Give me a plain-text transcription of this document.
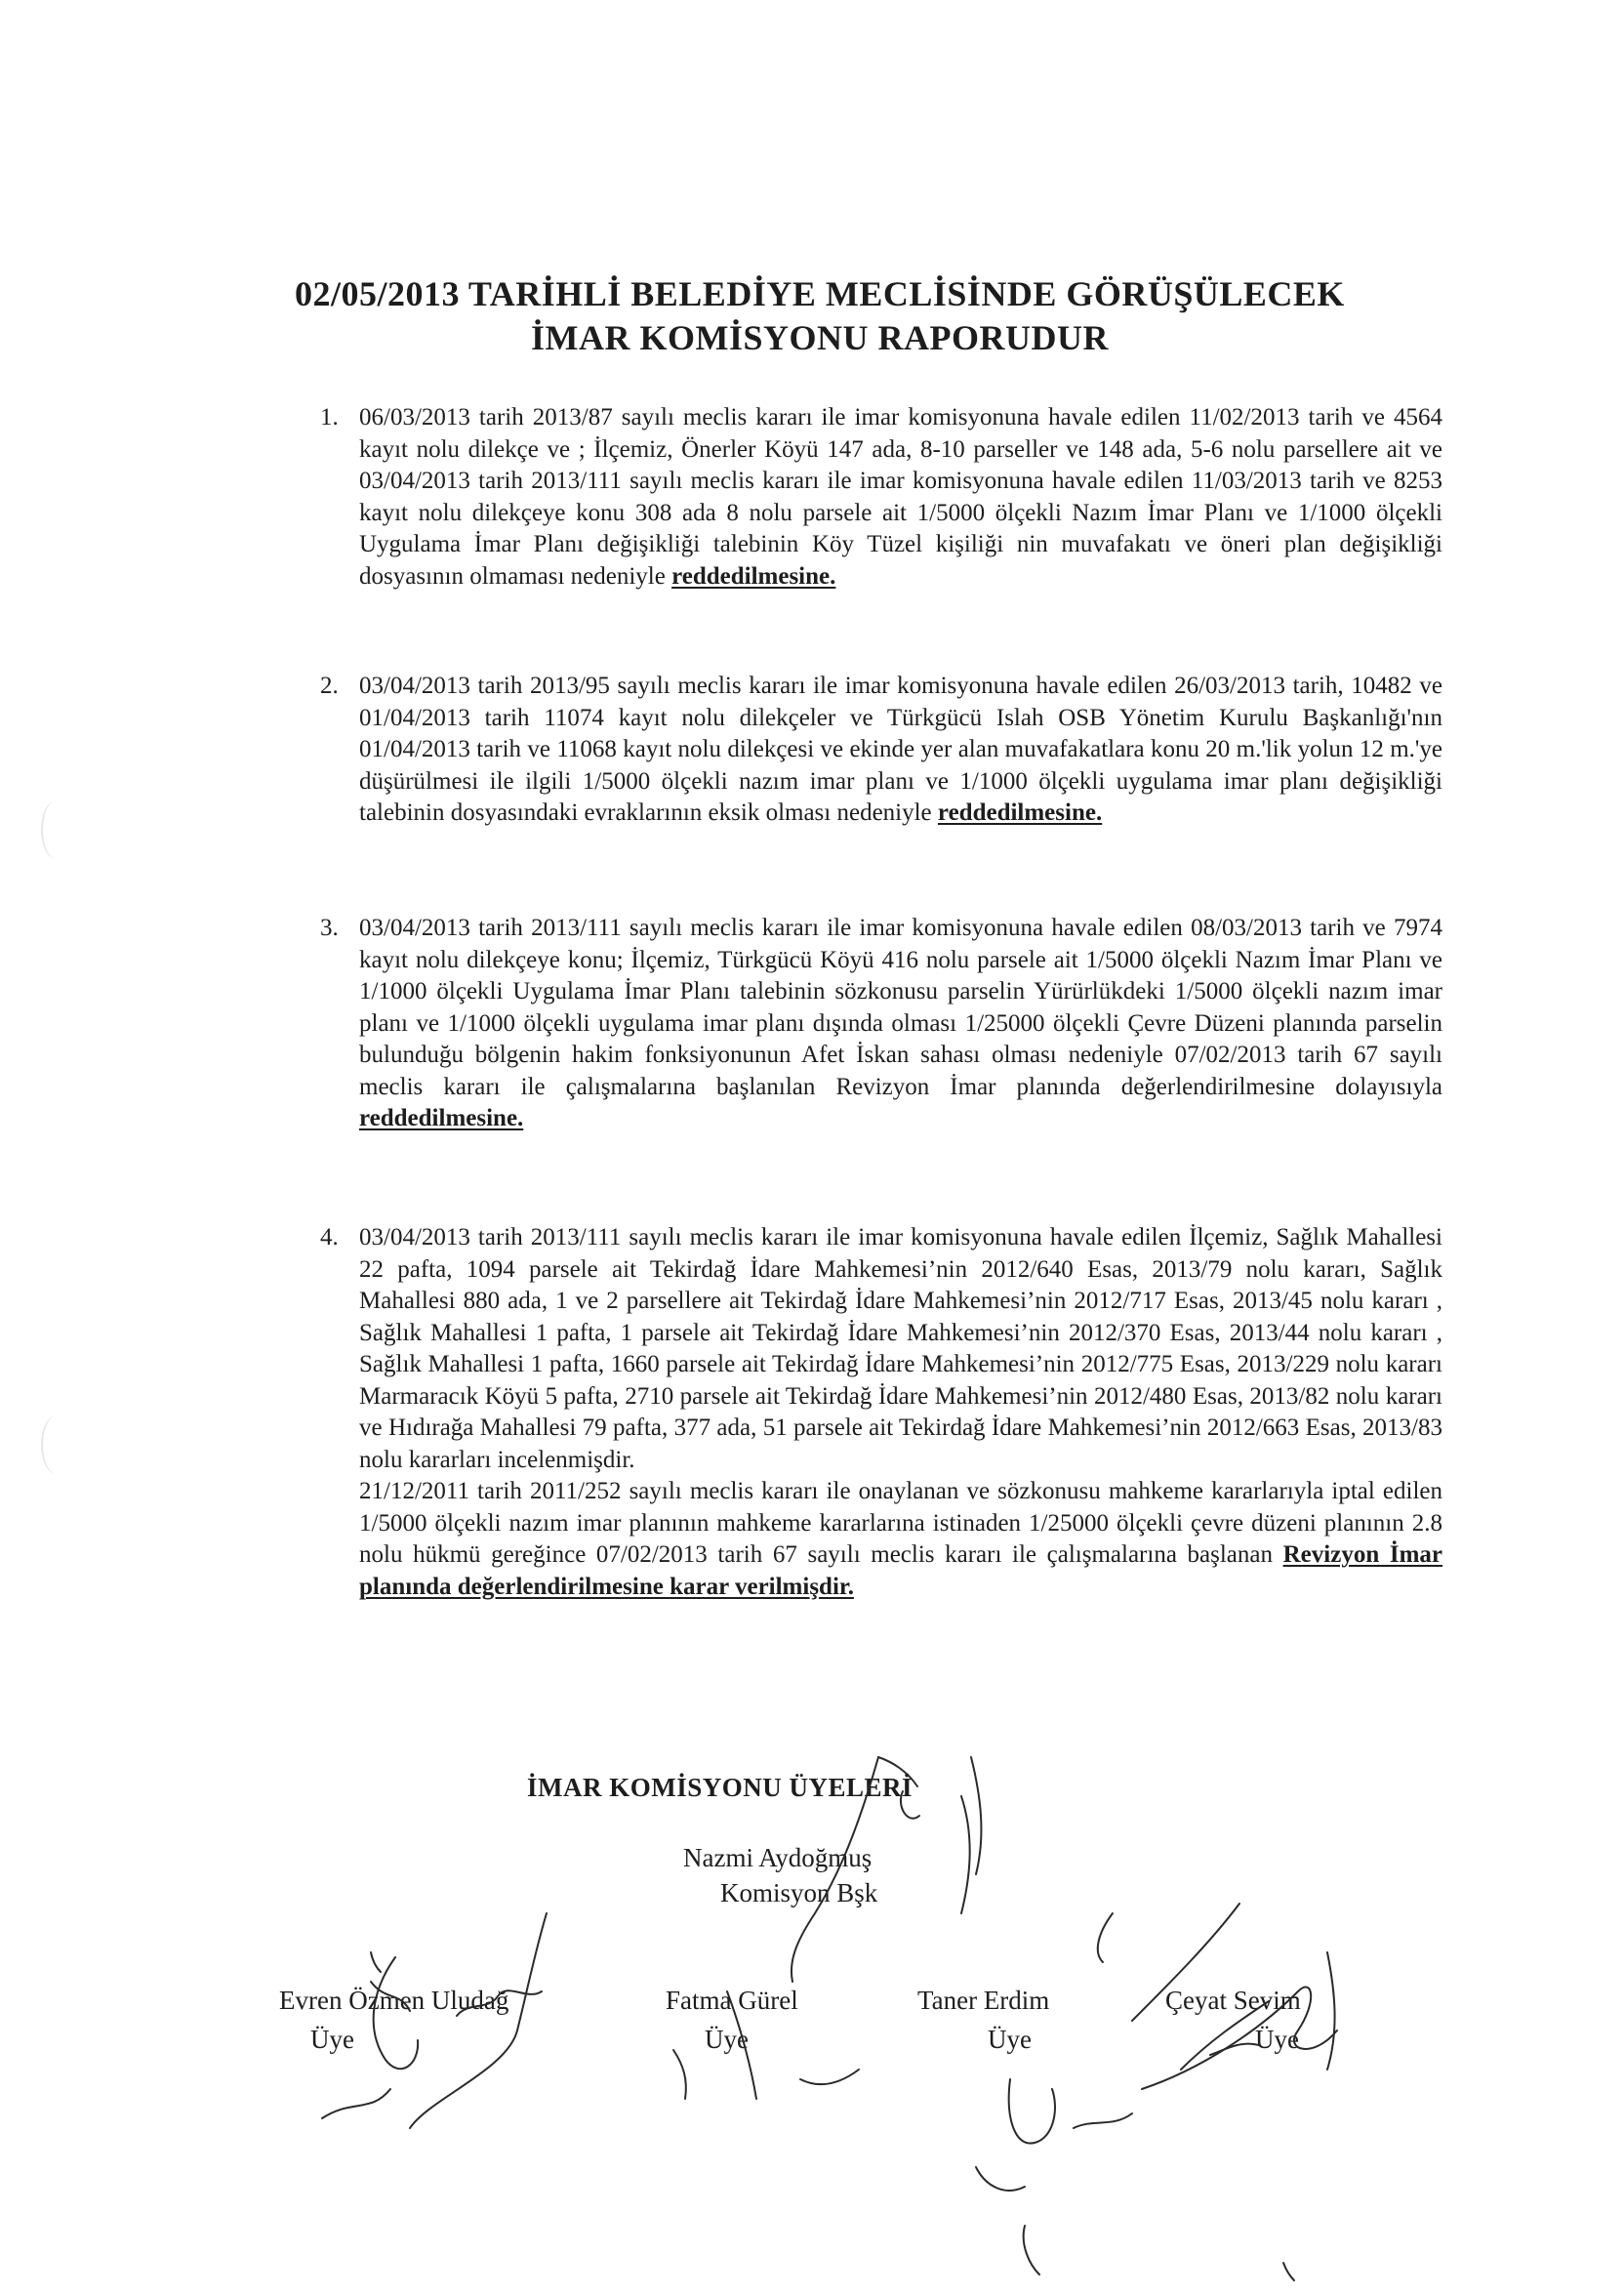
02/05/2013 TARİHLİ BELEDİYE MECLİSİNDE GÖRÜŞÜLECEK
İMAR KOMİSYONU RAPORUDUR
1. 06/03/2013 tarih 2013/87 sayılı meclis kararı ile imar komisyonuna havale edilen 11/02/2013 tarih ve 4564 kayıt nolu dilekçe ve ; İlçemiz, Önerler Köyü 147 ada, 8-10 parseller ve 148 ada, 5-6 nolu parsellere ait ve 03/04/2013 tarih 2013/111 sayılı meclis kararı ile imar komisyonuna havale edilen 11/03/2013 tarih ve 8253 kayıt nolu dilekçeye konu 308 ada 8 nolu parsele ait 1/5000 ölçekli Nazım İmar Planı ve 1/1000 ölçekli Uygulama İmar Planı değişikliği talebinin Köy Tüzel kişiliği nin muvafakatı ve öneri plan değişikliği dosyasının olmaması nedeniyle reddedilmesine.

2. 03/04/2013 tarih 2013/95 sayılı meclis kararı ile imar komisyonuna havale edilen 26/03/2013 tarih, 10482 ve 01/04/2013 tarih 11074 kayıt nolu dilekçeler ve Türkgücü Islah OSB Yönetim Kurulu Başkanlığı'nın 01/04/2013 tarih ve 11068 kayıt nolu dilekçesi ve ekinde yer alan muvafakatlara konu 20 m.'lik yolun 12 m.'ye düşürülmesi ile ilgili 1/5000 ölçekli nazım imar planı ve 1/1000 ölçekli uygulama imar planı değişikliği talebinin dosyasındaki evraklarının eksik olması nedeniyle reddedilmesine.

3. 03/04/2013 tarih 2013/111 sayılı meclis kararı ile imar komisyonuna havale edilen 08/03/2013 tarih ve 7974 kayıt nolu dilekçeye konu; İlçemiz, Türkgücü Köyü 416 nolu parsele ait 1/5000 ölçekli Nazım İmar Planı ve 1/1000 ölçekli Uygulama İmar Planı talebinin sözkonusu parselin Yürürlükdeki 1/5000 ölçekli nazım imar planı ve 1/1000 ölçekli uygulama imar planı dışında olması 1/25000 ölçekli Çevre Düzeni planında parselin bulunduğu bölgenin hakim fonksiyonunun Afet İskan sahası olması nedeniyle 07/02/2013 tarih 67 sayılı meclis kararı ile çalışmalarına başlanılan Revizyon İmar planında değerlendirilmesine dolayısıyla reddedilmesine.

4. 03/04/2013 tarih 2013/111 sayılı meclis kararı ile imar komisyonuna havale edilen İlçemiz, Sağlık Mahallesi 22 pafta, 1094 parsele ait Tekirdağ İdare Mahkemesi’nin 2012/640 Esas, 2013/79 nolu kararı, Sağlık Mahallesi 880 ada, 1 ve 2 parsellere ait Tekirdağ İdare Mahkemesi’nin 2012/717 Esas, 2013/45 nolu kararı , Sağlık Mahallesi 1 pafta, 1 parsele ait Tekirdağ İdare Mahkemesi’nin 2012/370 Esas, 2013/44 nolu kararı , Sağlık Mahallesi 1 pafta, 1660 parsele ait Tekirdağ İdare Mahkemesi’nin 2012/775 Esas, 2013/229 nolu kararı Marmaracık Köyü 5 pafta, 2710 parsele ait Tekirdağ İdare Mahkemesi’nin 2012/480 Esas, 2013/82 nolu kararı ve Hıdırağa Mahallesi 79 pafta, 377 ada, 51 parsele ait Tekirdağ İdare Mahkemesi’nin 2012/663 Esas, 2013/83 nolu kararları incelenmişdir.

21/12/2011 tarih 2011/252 sayılı meclis kararı ile onaylanan ve sözkonusu mahkeme kararlarıyla iptal edilen 1/5000 ölçekli nazım imar planının mahkeme kararlarına istinaden 1/25000 ölçekli çevre düzeni planının 2.8 nolu hükmü gereğince 07/02/2013 tarih 67 sayılı meclis kararı ile çalışmalarına başlanan Revizyon İmar planında değerlendirilmesine karar verilmişdir.

İMAR KOMİSYONU ÜYELERİ
Nazmi Aydoğmuş
Komisyon Bşk
Evren Özmen Uludağ
Üye
Fatma Gürel
Üye
Taner Erdim
Üye
Çeyat Sevim
Üye
